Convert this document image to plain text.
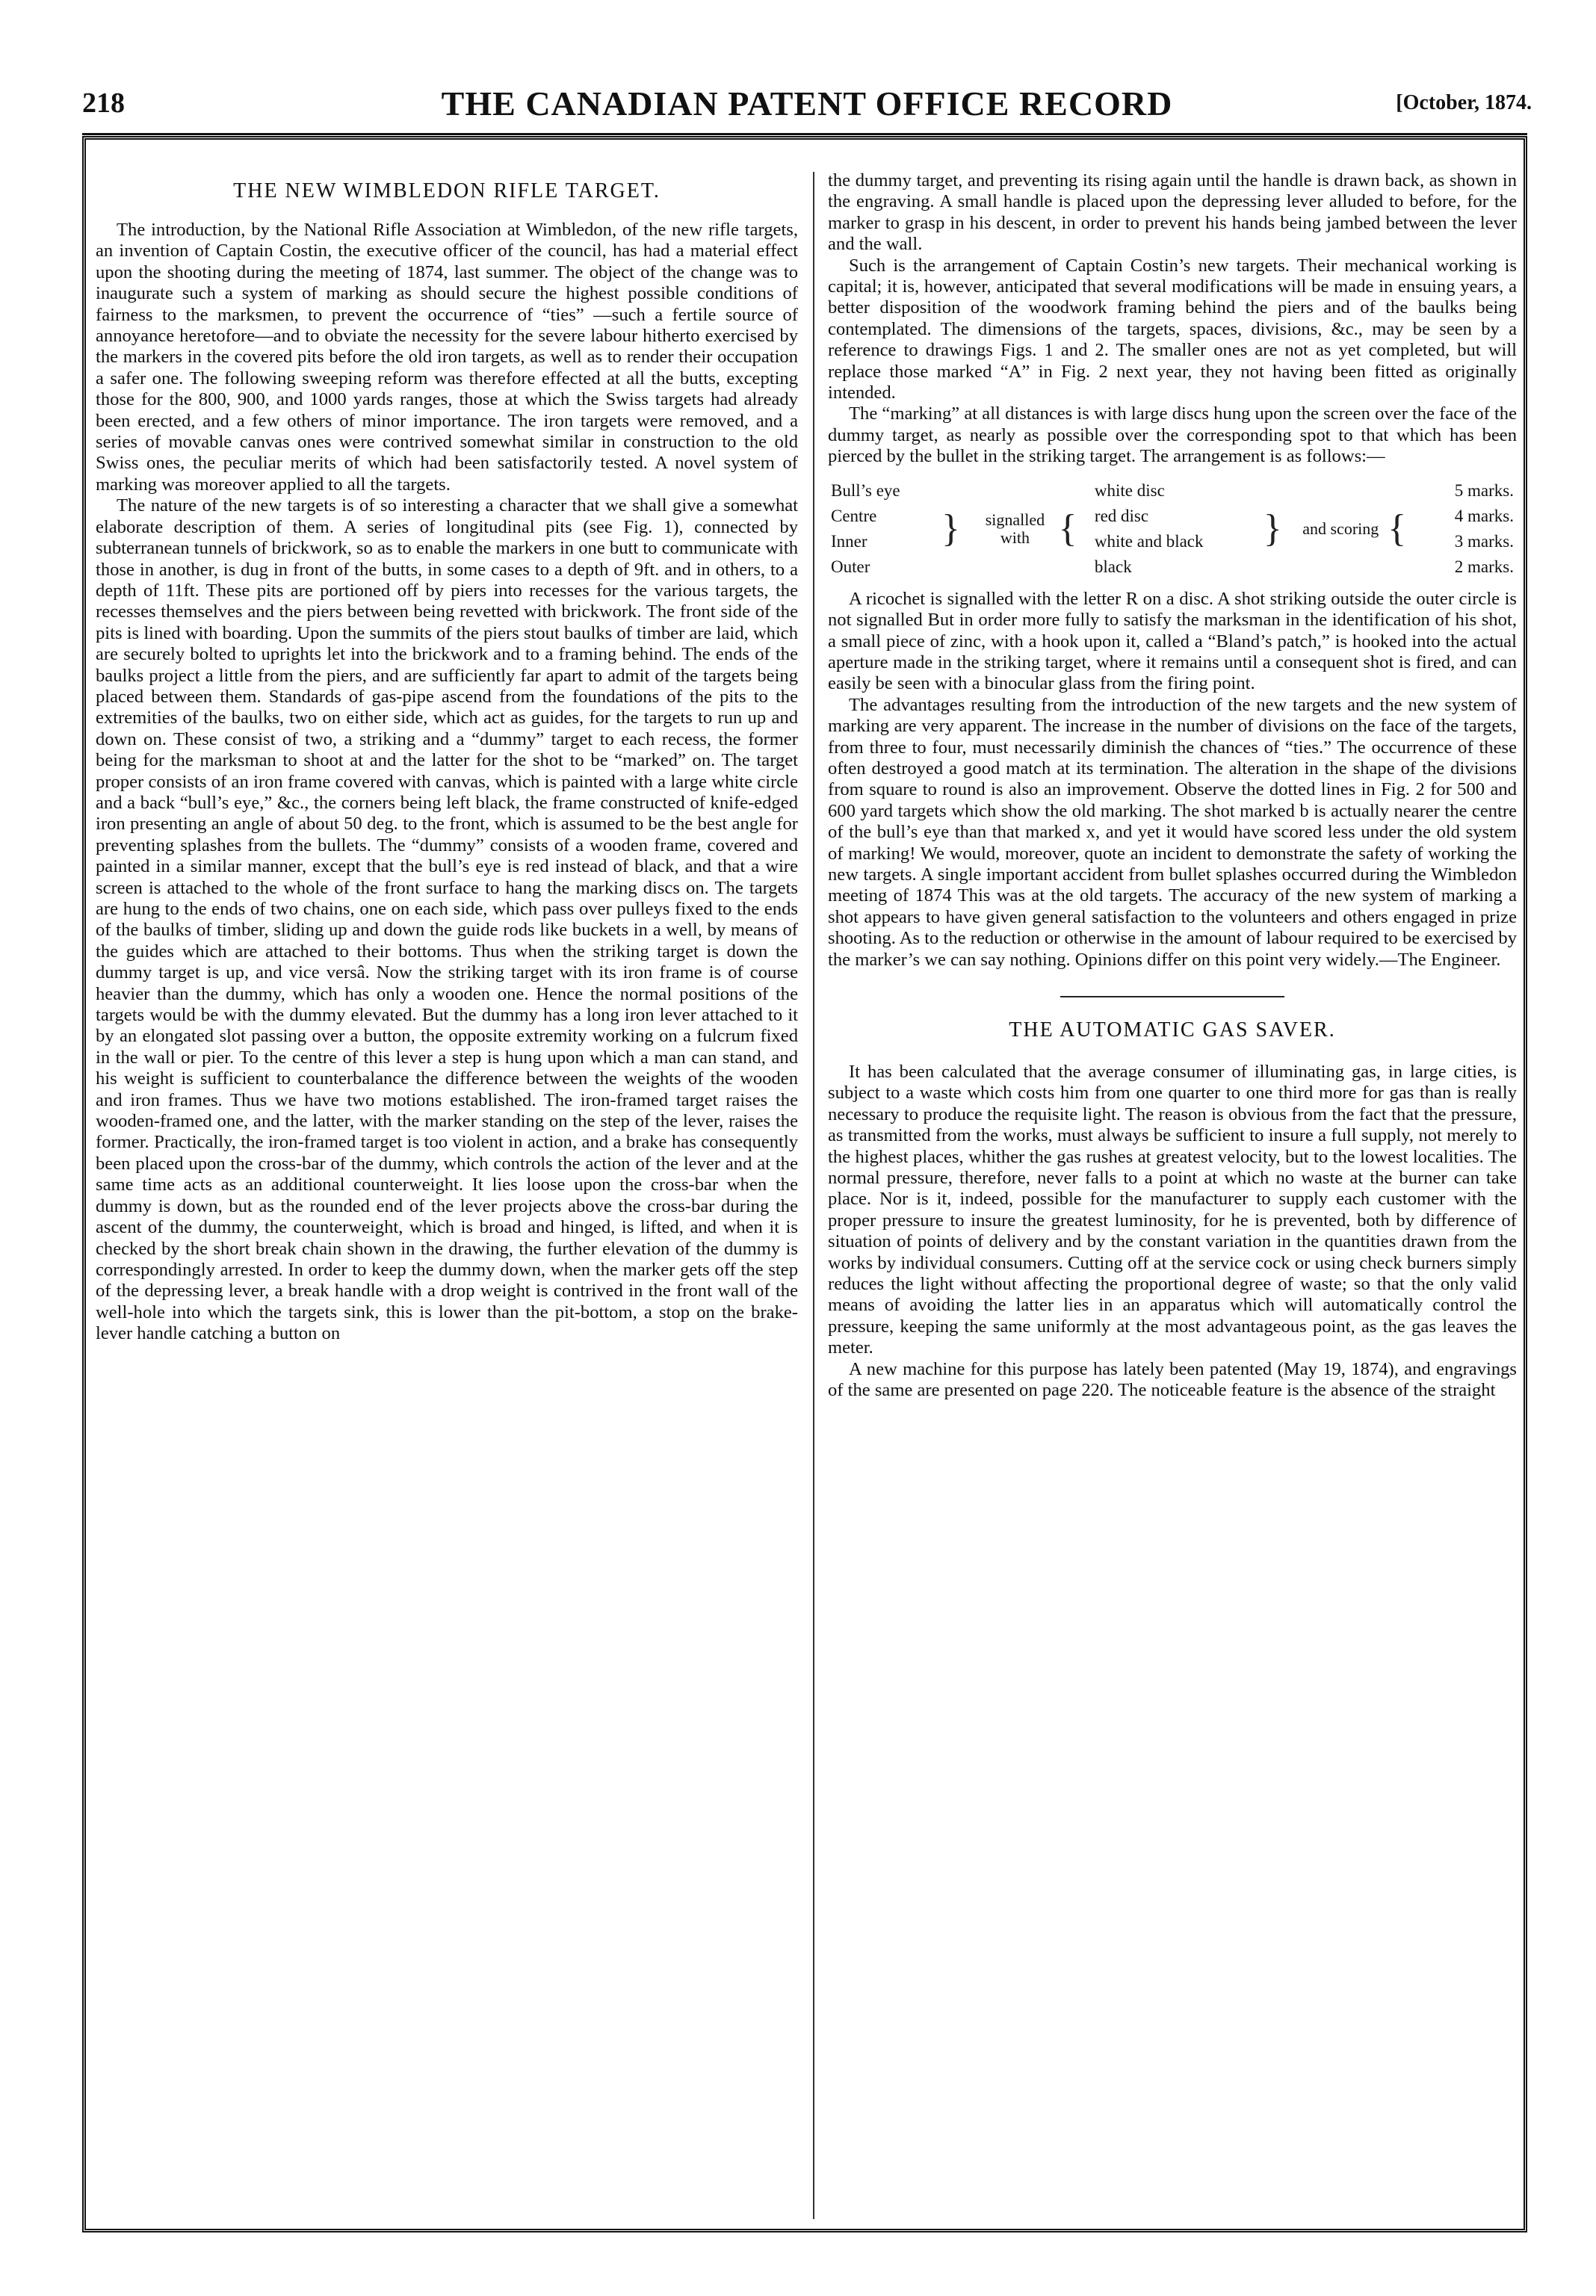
218	THE CANADIAN PATENT OFFICE RECORD	[October, 1874.
THE NEW WIMBLEDON RIFLE TARGET.

The introduction, by the National Rifle Association at Wimbledon, of the new rifle targets, an invention of Captain Costin, the executive officer of the council, has had a material effect upon the shooting during the meeting of 1874, last summer. The object of the change was to inaugurate such a system of marking as should secure the highest possible conditions of fairness to the marksmen, to prevent the occurrence of “ties” —such a fertile source of annoyance heretofore—and to obviate the necessity for the severe labour hitherto exercised by the markers in the covered pits before the old iron targets, as well as to render their occupation a safer one. The following sweeping reform was therefore effected at all the butts, excepting those for the 800, 900, and 1000 yards ranges, those at which the Swiss targets had already been erected, and a few others of minor importance. The iron targets were removed, and a series of movable canvas ones were contrived somewhat similar in construction to the old Swiss ones, the peculiar merits of which had been satisfactorily tested. A novel system of marking was moreover applied to all the targets.

The nature of the new targets is of so interesting a character that we shall give a somewhat elaborate description of them. A series of longitudinal pits (see Fig. 1), connected by subterranean tunnels of brickwork, so as to enable the markers in one butt to communicate with those in another, is dug in front of the butts, in some cases to a depth of 9ft. and in others, to a depth of 11ft. These pits are portioned off by piers into recesses for the various targets, the recesses themselves and the piers between being revetted with brickwork. The front side of the pits is lined with boarding. Upon the summits of the piers stout baulks of timber are laid, which are securely bolted to uprights let into the brickwork and to a framing behind. The ends of the baulks project a little from the piers, and are sufficiently far apart to admit of the targets being placed between them. Standards of gas-pipe ascend from the foundations of the pits to the extremities of the baulks, two on either side, which act as guides, for the targets to run up and down on. These consist of two, a striking and a “dummy” target to each recess, the former being for the marksman to shoot at and the latter for the shot to be “marked” on. The target proper consists of an iron frame covered with canvas, which is painted with a large white circle and a back “bull’s eye,” &c., the corners being left black, the frame constructed of knife-edged iron presenting an angle of about 50 deg. to the front, which is assumed to be the best angle for preventing splashes from the bullets. The “dummy” consists of a wooden frame, covered and painted in a similar manner, except that the bull’s eye is red instead of black, and that a wire screen is attached to the whole of the front surface to hang the marking discs on. The targets are hung to the ends of two chains, one on each side, which pass over pulleys fixed to the ends of the baulks of timber, sliding up and down the guide rods like buckets in a well, by means of the guides which are attached to their bottoms. Thus when the striking target is down the dummy target is up, and vice versâ. Now the striking target with its iron frame is of course heavier than the dummy, which has only a wooden one. Hence the normal positions of the targets would be with the dummy elevated. But the dummy has a long iron lever attached to it by an elongated slot passing over a button, the opposite extremity working on a fulcrum fixed in the wall or pier. To the centre of this lever a step is hung upon which a man can stand, and his weight is sufficient to counterbalance the difference between the weights of the wooden and iron frames. Thus we have two motions established. The iron-framed target raises the wooden-framed one, and the latter, with the marker standing on the step of the lever, raises the former. Practically, the iron-framed target is too violent in action, and a brake has consequently been placed upon the cross-bar of the dummy, which controls the action of the lever and at the same time acts as an additional counterweight. It lies loose upon the cross-bar when the dummy is down, but as the rounded end of the lever projects above the cross-bar during the ascent of the dummy, the counterweight, which is broad and hinged, is lifted, and when it is checked by the short break chain shown in the drawing, the further elevation of the dummy is correspondingly arrested. In order to keep the dummy down, when the marker gets off the step of the depressing lever, a break handle with a drop weight is contrived in the front wall of the well-hole into which the targets sink, this is lower than the pit-bottom, a stop on the brake-lever handle catching a button on

the dummy target, and preventing its rising again until the handle is drawn back, as shown in the engraving. A small handle is placed upon the depressing lever alluded to before, for the marker to grasp in his descent, in order to prevent his hands being jambed between the lever and the wall.

Such is the arrangement of Captain Costin’s new targets. Their mechanical working is capital; it is, however, anticipated that several modifications will be made in ensuing years, a better disposition of the woodwork framing behind the piers and of the baulks being contemplated. The dimensions of the targets, spaces, divisions, &c., may be seen by a reference to drawings Figs. 1 and 2. The smaller ones are not as yet completed, but will replace those marked “A” in Fig. 2 next year, they not having been fitted as originally intended.

The “marking” at all distances is with large discs hung upon the screen over the face of the dummy target, as nearly as possible over the corresponding spot to that which has been pierced by the bullet in the striking target. The arrangement is as follows:—

Bull’s eye	}	signalled with	{	white disc	}	and scoring	{	5 marks.
Centre				red disc				4 marks.
Inner				white and black				3 marks.
Outer				black				2 marks.

A ricochet is signalled with the letter R on a disc. A shot striking outside the outer circle is not signalled But in order more fully to satisfy the marksman in the identification of his shot, a small piece of zinc, with a hook upon it, called a “Bland’s patch,” is hooked into the actual aperture made in the striking target, where it remains until a consequent shot is fired, and can easily be seen with a binocular glass from the firing point.

The advantages resulting from the introduction of the new targets and the new system of marking are very apparent. The increase in the number of divisions on the face of the targets, from three to four, must necessarily diminish the chances of “ties.” The occurrence of these often destroyed a good match at its termination. The alteration in the shape of the divisions from square to round is also an improvement. Observe the dotted lines in Fig. 2 for 500 and 600 yard targets which show the old marking. The shot marked b is actually nearer the centre of the bull’s eye than that marked x, and yet it would have scored less under the old system of marking! We would, moreover, quote an incident to demonstrate the safety of working the new targets. A single important accident from bullet splashes occurred during the Wimbledon meeting of 1874 This was at the old targets. The accuracy of the new system of marking a shot appears to have given general satisfaction to the volunteers and others engaged in prize shooting. As to the reduction or otherwise in the amount of labour required to be exercised by the marker’s we can say nothing. Opinions differ on this point very widely.—The Engineer.

THE AUTOMATIC GAS SAVER.

It has been calculated that the average consumer of illuminating gas, in large cities, is subject to a waste which costs him from one quarter to one third more for gas than is really necessary to produce the requisite light. The reason is obvious from the fact that the pressure, as transmitted from the works, must always be sufficient to insure a full supply, not merely to the highest places, whither the gas rushes at greatest velocity, but to the lowest localities. The normal pressure, therefore, never falls to a point at which no waste at the burner can take place. Nor is it, indeed, possible for the manufacturer to supply each customer with the proper pressure to insure the greatest luminosity, for he is prevented, both by difference of situation of points of delivery and by the constant variation in the quantities drawn from the works by individual consumers. Cutting off at the service cock or using check burners simply reduces the light without affecting the proportional degree of waste; so that the only valid means of avoiding the latter lies in an apparatus which will automatically control the pressure, keeping the same uniformly at the most advantageous point, as the gas leaves the meter.

A new machine for this purpose has lately been patented (May 19, 1874), and engravings of the same are presented on page 220. The noticeable feature is the absence of the straight
